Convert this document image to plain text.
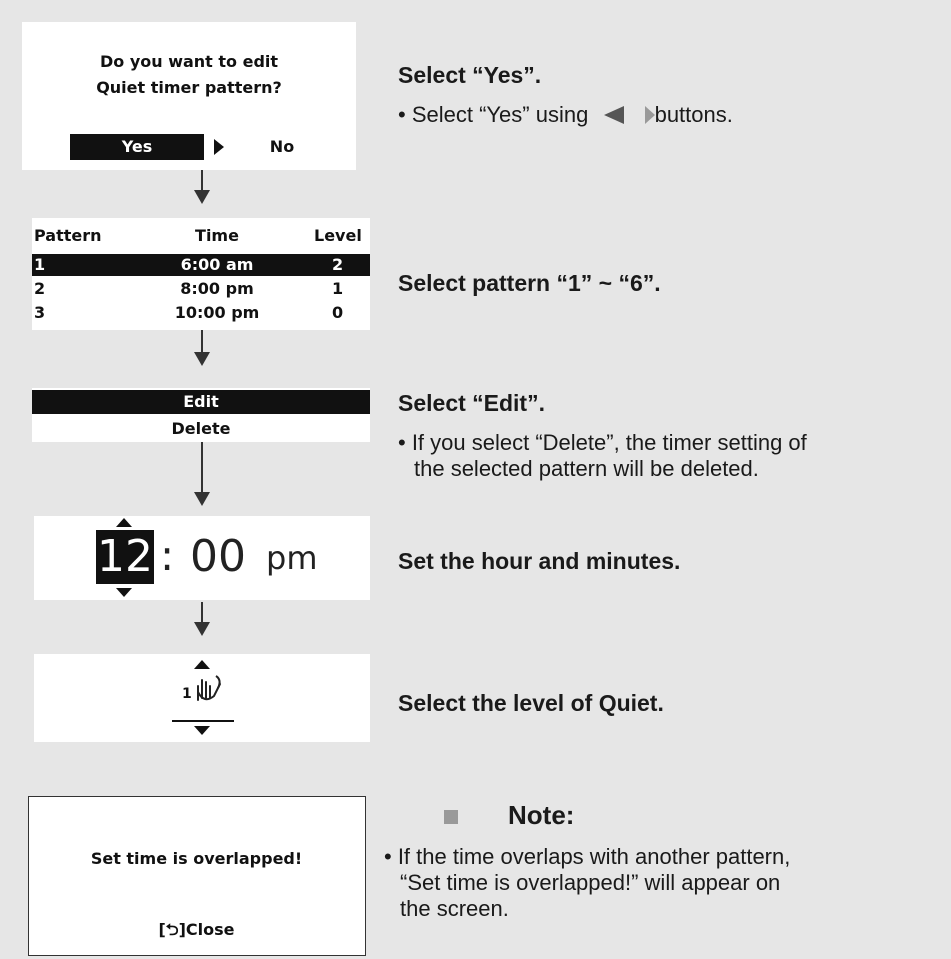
Do you want to edit
Quiet timer pattern?
Yes	No
Select “Yes”.
• Select “Yes” using	buttons.
Pattern	Time	Level
1	6:00 am	2
2	8:00 pm	1
3	10:00 pm	0
Select pattern “1” ~ “6”.
Edit
Delete
Select “Edit”.
• If you select “Delete”, the timer setting of
the selected pattern will be deleted.
12 : 00 pm	Set the hour and minutes.
1	Select the level of Quiet.
Set time is overlapped!
[⮌]Close
Note:
• If the time overlaps with another pattern,
“Set time is overlapped!” will appear on
the screen.
